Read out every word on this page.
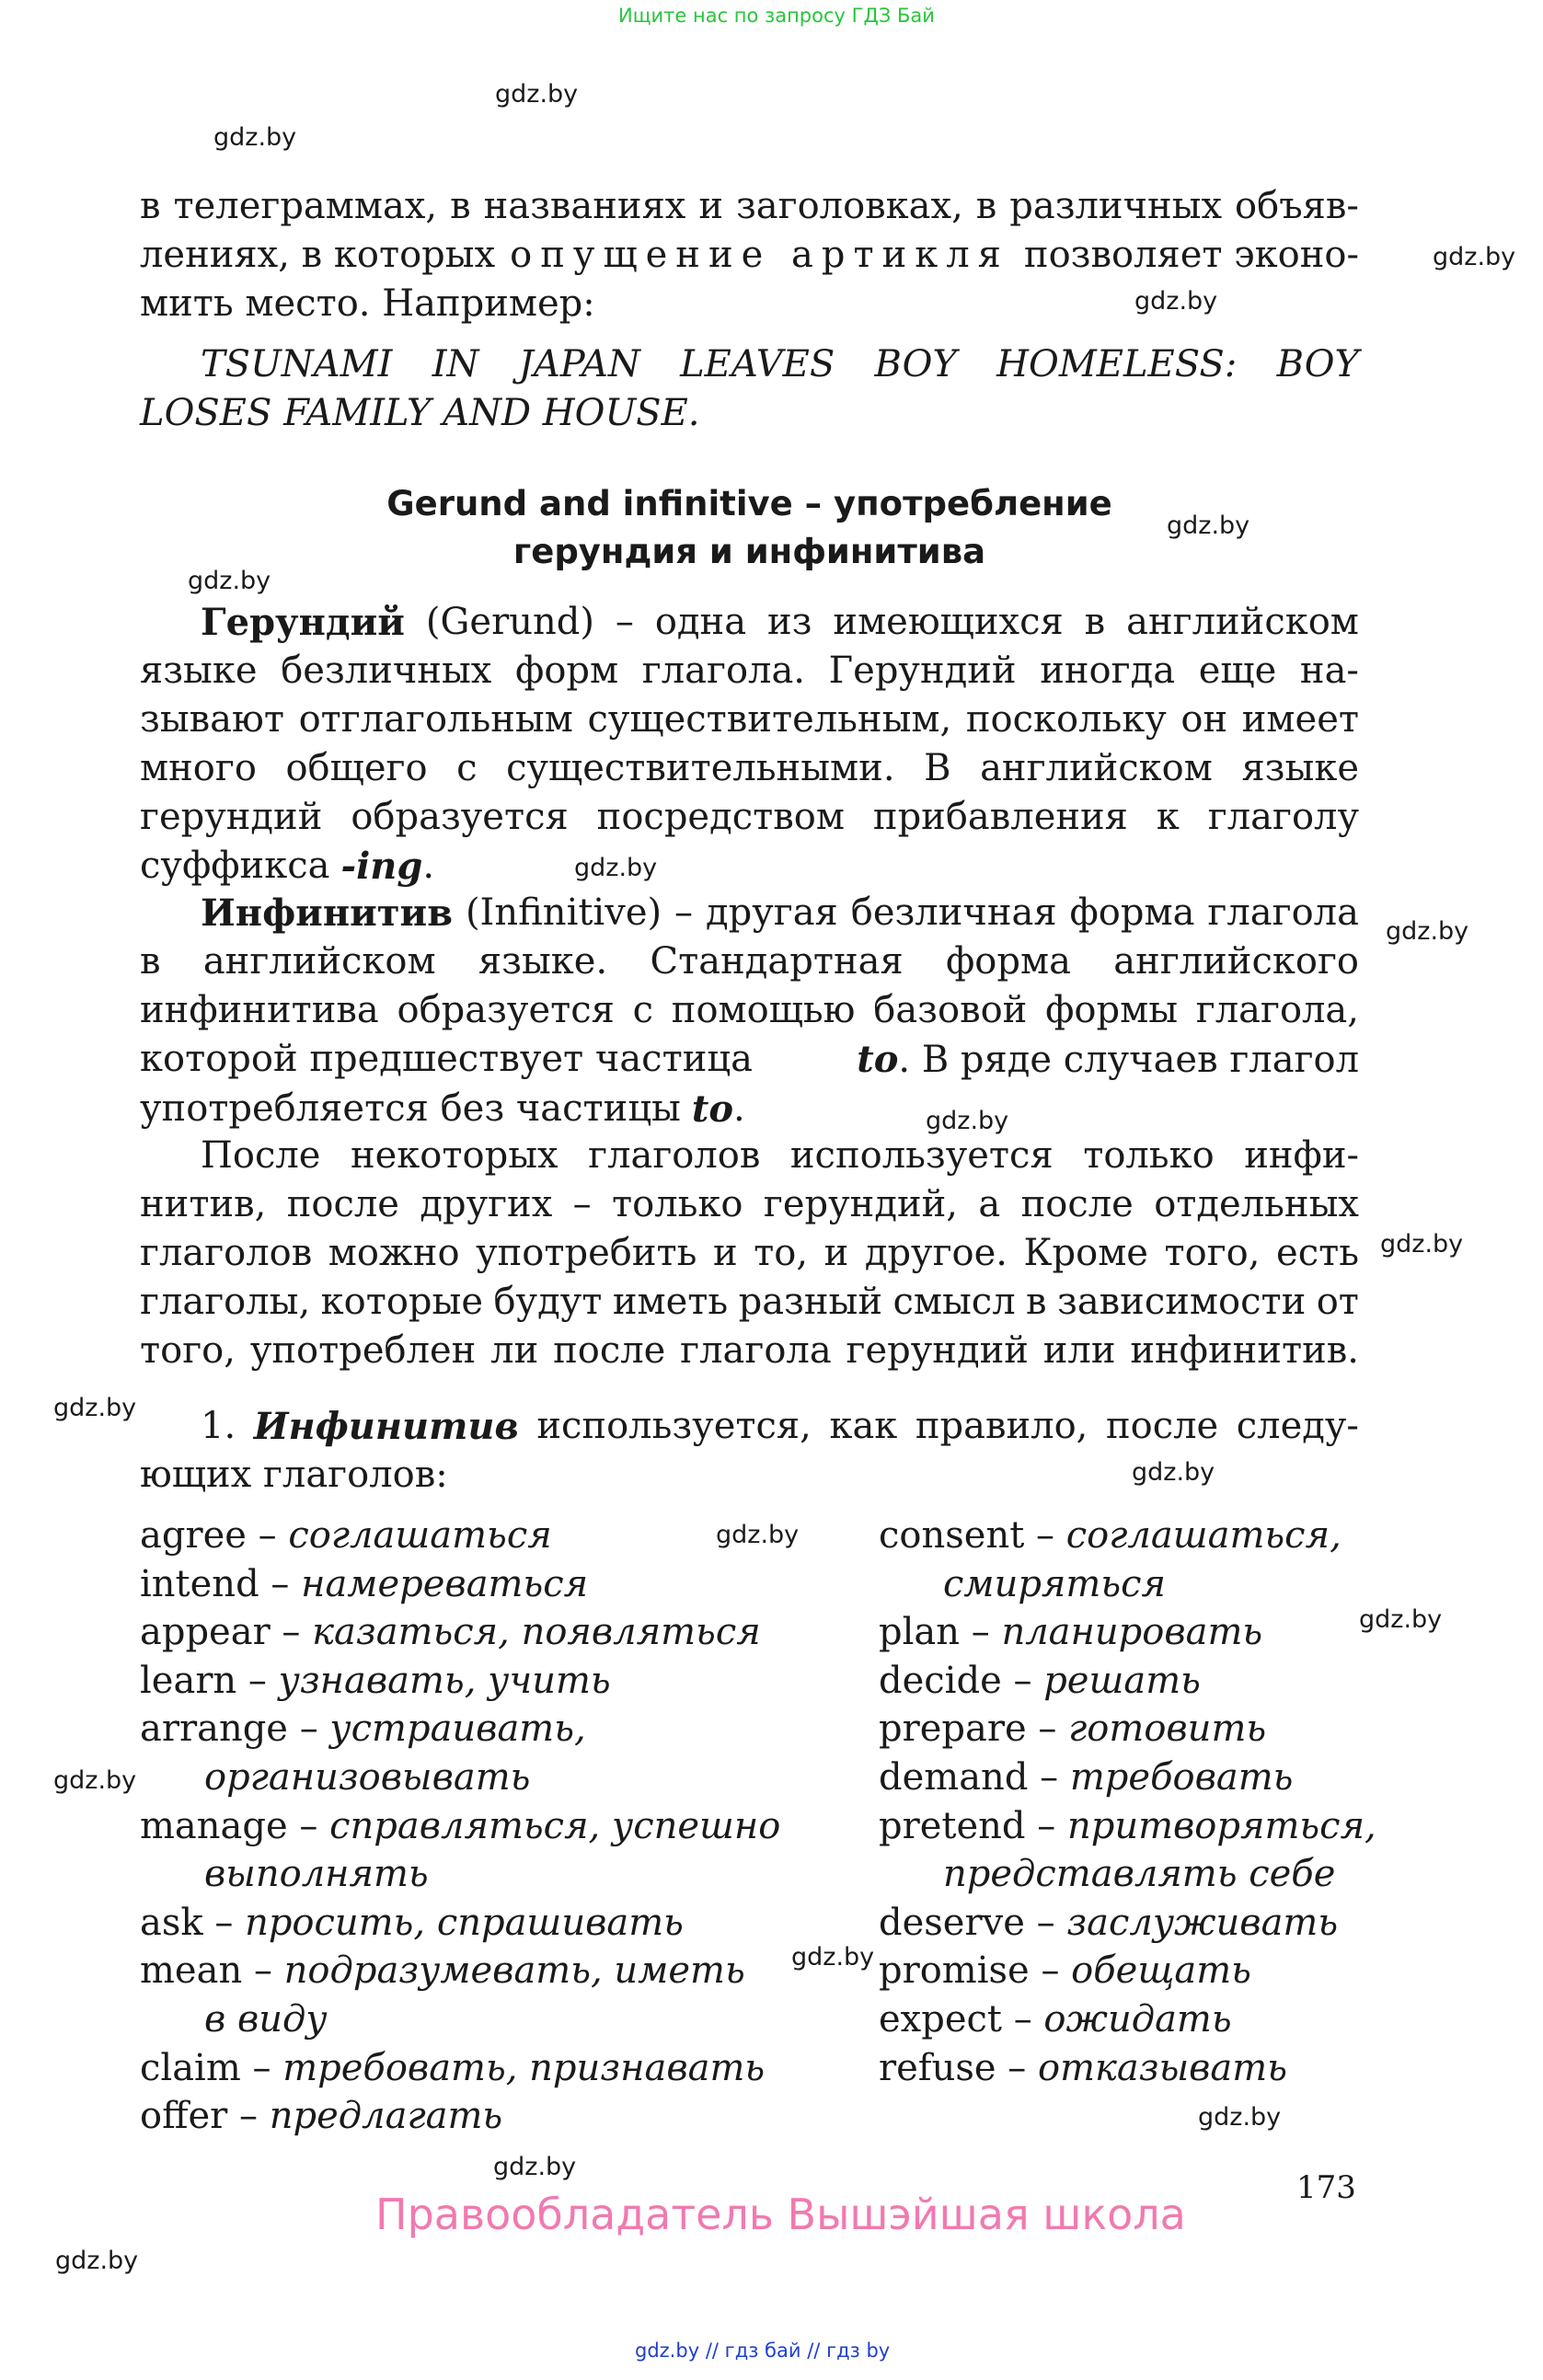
Ищите нас по запросу ГДЗ Бай
gdz.by
gdz.by
gdz.by
gdz.by
gdz.by
gdz.by
gdz.by
gdz.by
gdz.by
gdz.by
gdz.by
gdz.by
gdz.by
gdz.by
gdz.by
gdz.by
gdz.by
gdz.by
gdz.by
в телеграммах, в названиях и заголовках, в различных объяв-
лениях, в которых опущение артикля позволяет эконо-
мить место. Например:
TSUNAMI IN JAPAN LEAVES BOY HOMELESS: BOY
LOSES FAMILY AND HOUSE.
Gerund and infinitive – употребление
герундия и инфинитива
Герундий (Gerund) – одна из имеющихся в английском
языке безличных форм глагола. Герундий иногда еще на-
зывают отглагольным существительным, поскольку он имеет
много общего с существительными. В английском языке
герундий образуется посредством прибавления к глаголу
суффикса -ing .
Инфинитив (Infinitive) – другая безличная форма глагола
в английском языке. Стандартная форма английского
инфинитива образуется с помощью базовой формы глагола,
которой предшествует частица	to. В ряде случаев глагол
употребляется без частицы to .
После некоторых глаголов используется только инфи-
нитив, после других – только герундий, а после отдельных
глаголов можно употребить и то, и другое. Кроме того, есть
глаголы, которые будут иметь разный смысл в зависимости от
того, употреблен ли после глагола герундий или инфинитив.
1. Инфинитив используется, как правило, после следу-
ющих глаголов:
agree – соглашаться
intend – намереваться
appear – казаться, появляться
learn – узнавать, учить
arrange – устраивать,
организовывать
manage – справляться, успешно
выполнять
ask – просить, спрашивать
mean – подразумевать, иметь
в виду
claim – требовать, признавать
offer – предлагать
consent – соглашаться,
смиряться
plan – планировать
decide – решать
prepare – готовить
demand – требовать
pretend – притворяться,
представлять себе
deserve – заслуживать
promise – обещать
expect – ожидать
refuse – отказывать
173
Правообладатель Вышэйшая школа
gdz.by // гдз бай // гдз by
